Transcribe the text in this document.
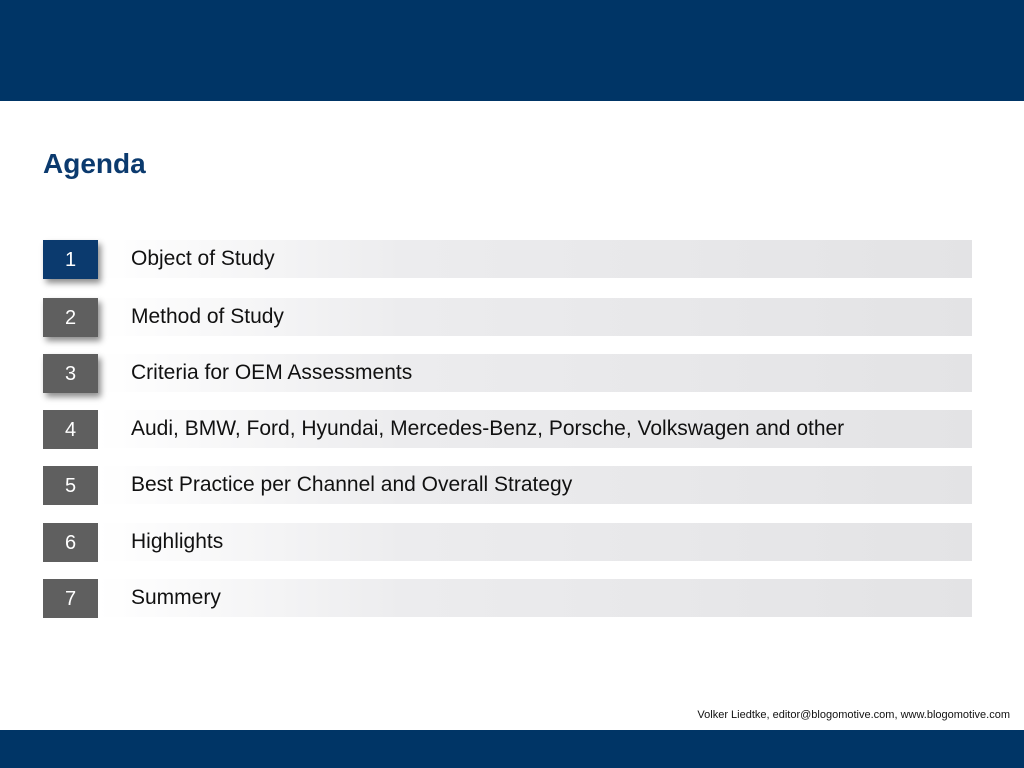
Agenda
1	Object of Study
2	Method of Study
3	Criteria for OEM Assessments
4	Audi, BMW, Ford, Hyundai, Mercedes-Benz, Porsche, Volkswagen and other
5	Best Practice per Channel and Overall Strategy
6	Highlights
7	Summery
Volker Liedtke, editor@blogomotive.com, www.blogomotive.com
